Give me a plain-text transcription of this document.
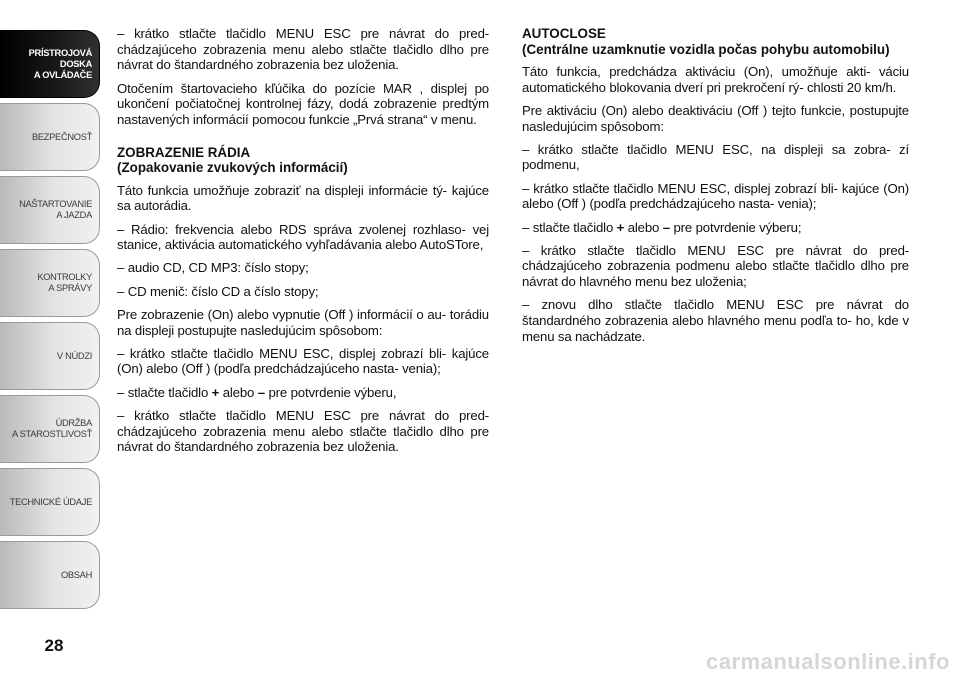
PRÍSTROJOVÁ
DOSKA
A OVLÁDAČE
BEZPEČNOSŤ
NAŠTARTOVANIE
A JAZDA
KONTROLKY
A SPRÁVY
V NÚDZI
ÚDRŽBA
A STAROSTLIVOSŤ
TECHNICKÉ ÚDAJE
OBSAH
28

– krátko stlačte tlačidlo MENU ESC pre návrat do pred- chádzajúceho zobrazenia menu alebo stlačte tlačidlo dlho pre návrat do štandardného zobrazenia bez uloženia.

Otočením štartovacieho kľúčika do pozície MAR , displej po ukončení počiatočnej kontrolnej fázy, dodá zobrazenie predtým nastavených informácií pomocou funkcie „Prvá strana“ v menu.

ZOBRAZENIE RÁDIA
(Zopakovanie zvukových informácií)

Táto funkcia umožňuje zobraziť na displeji informácie tý- kajúce sa autorádia.

– Rádio: frekvencia alebo RDS správa zvolenej rozhlaso- vej stanice, aktivácia automatického vyhľadávania alebo AutoSTore,

– audio CD, CD MP3: číslo stopy;

– CD menič: číslo CD a číslo stopy;

Pre zobrazenie (On) alebo vypnutie (Off ) informácií o au- torádiu na displeji postupujte nasledujúcim spôsobom:

– krátko stlačte tlačidlo MENU ESC, displej zobrazí bli- kajúce (On) alebo (Off ) (podľa predchádzajúceho nasta- venia);

– stlačte tlačidlo + alebo – pre potvrdenie výberu,

– krátko stlačte tlačidlo MENU ESC pre návrat do pred- chádzajúceho zobrazenia menu alebo stlačte tlačidlo dlho pre návrat do štandardného zobrazenia bez uloženia.

AUTOCLOSE
(Centrálne uzamknutie vozidla počas pohybu automobilu)

Táto funkcia, predchádza aktiváciu (On), umožňuje akti- váciu automatického blokovania dverí pri prekročení rý- chlosti 20 km/h.

Pre aktiváciu (On) alebo deaktiváciu (Off ) tejto funkcie, postupujte nasledujúcim spôsobom:

– krátko stlačte tlačidlo MENU ESC, na displeji sa zobra- zí podmenu,

– krátko stlačte tlačidlo MENU ESC, displej zobrazí bli- kajúce (On) alebo (Off ) (podľa predchádzajúceho nasta- venia);

– stlačte tlačidlo + alebo – pre potvrdenie výberu;

– krátko stlačte tlačidlo MENU ESC pre návrat do pred- chádzajúceho zobrazenia podmenu alebo stlačte tlačidlo dlho pre návrat do hlavného menu bez uloženia;

– znovu dlho stlačte tlačidlo MENU ESC pre návrat do štandardného zobrazenia alebo hlavného menu podľa to- ho, kde v menu sa nachádzate.

carmanualsonline.info
